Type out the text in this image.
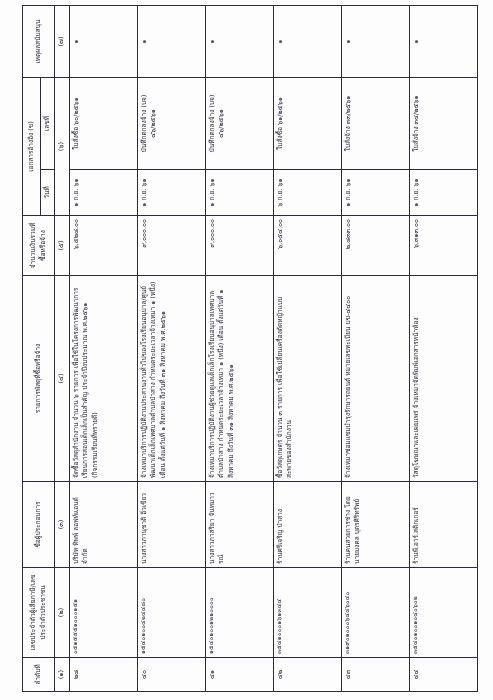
ลำดับที่	เลขประจำตัวผู้เสียภาษี/เลขประจำตัวประชาชน	ชื่อผู้ประกอบการ	รายการพัสดุที่ซื้อหรือจ้าง	จำนวนเงินรวมที่ซื้อหรือจ้าง	เอกสารอ้างอิง (ข)		เหตุผลสนับสนุน
					วันที่	เลขที่	
(๑)	(๒)	(๓)	(๔)	(๕)	(๖)		(๗)
๒๘	๐๕๑๕๕๕๑๐๐๐๑๕๑	บริษัท ทิพพ์ ลอฟท์แอนด์ จำกัด	จัดซื้อวัสดุสำนักงาน จำนวน ๖ รายการ เพื่อใช้ในโครงการพัฒนาการเรียนการสอนเด็กเล็กเป็นสำคัญ ประจำปีงบประมาณ พ.ศ.๒๕๖๑ (กิจกรรมเรียนที่ทรายดี)	๖,๕๒๘.๐๐	๑ ก.ย. ๖๑	ใบสั่งซื้อ ๖๐/๒๕๖๑	๑
๔๐	๑๕๔๐๑๐๐๔๒๔๔๘๐	นางสาวภานุชาติ อิ่วเขียว	จ้างเหมาบริการปฏิบัติงานประสานงานทั่วไปของโรงเรียนอนุบาล/ศูนย์พัฒนาเด็กเล็กเทศบาลตำบลป่าสาง กำหนดระยะเวลาจ้างเหมา ๑ (หนึ่ง) เดือน ตั้งแต่วันที่ ๑ สิงหาคม ถึงวันที่ ๓๑ สิงหาคม พ.ศ.๒๕๖๑	๙,๐๐๐.๐๐	๑ ก.ย. ๖๑	บันทึกตกลงจ้าง (บจ) ๔๖/๒๕๖๑	๑
๔๑	๑๕๔๐๑๐๐๑๒๑๐๐๐๐	นางสาวภาสริยา จันทมาวรณ์	จ้างเหมาบริการปฏิบัติงานผู้ช่วยดูแลเด็กเล็กโรงเรียนอนุบาลเทศบาลตำบลป่าสาง กำหนดระยะเวลาจ้างเหมา ๑ (หนึ่ง) เดือน ตั้งแต่วันที่ ๑ สิงหาคม ถึงวันที่ ๓๑ สิงหาคม พ.ศ.๒๕๖๑	๙,๐๐๐.๐๐	๑ ก.ย. ๖๑	บันทึกตกลงจ้าง (บจ) ๔๖/๒๕๖๑	๑
๔๒	๓๕๔๑๐๐๐๑๖๑๓๔๔	ร้านศรีเจริญ ป่าสาง	ซื้อวัสดุเกษตร จำนวน ๓ รายการ เพื่อใช้เปลี่ยนเครื่องตัดหญ้าแบบสะพายของสำนักงาน	๖,๐๕๔.๐๐	๖ ก.ย. ๖๑	ใบสั่งซื้อ ๖๑/๒๕๖๑	๑
๔๓	๓๑๙๐๑๐๐๐๖๔๔๖๐๔๐	ร้านคนสวยการช่าง โดยนายมงคล บุตรศิริทรัพย์	จ้างเหมาซ่อมแซมบำรุงรักษารถยนต์ หมายเลขทะเบียน บข-๔๔๐๐	๒,๘๓๓.๐๐	๑ ก.ย. ๖๑	ใบสั่งจ้าง ๓๓/๒๕๖๑	๑
๔๔	๓๕๔๐๑๐๐๑๐๔๐๖๐๒	ร้านพี.อาร์.สติกเกอร์	วัสดุโฆษณาและเผยแพร่ จ้างเหมาจัดพิมพ์เอกสารหน้าห้อง	๖,๓๑๓.๐๐	๑ ก.ย. ๖๑	ใบสั่งจ้าง ๓๔/๒๕๖๑	๑
